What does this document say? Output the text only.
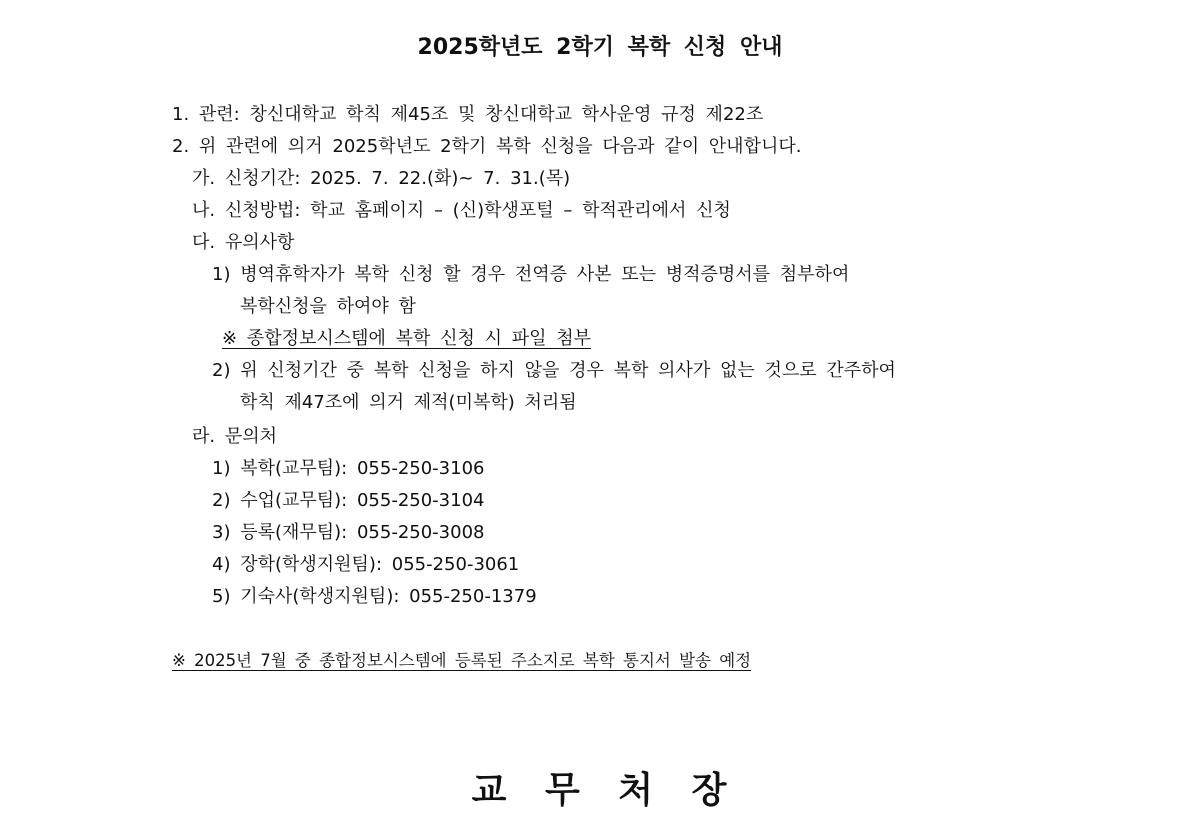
2025학년도 2학기 복학 신청 안내
1. 관련: 창신대학교 학칙 제45조 및 창신대학교 학사운영 규정 제22조
2. 위 관련에 의거 2025학년도 2학기 복학 신청을 다음과 같이 안내합니다.
가. 신청기간: 2025. 7. 22.(화)~ 7. 31.(목)
나. 신청방법: 학교 홈페이지 – (신)학생포털 – 학적관리에서 신청
다. 유의사항
1) 병역휴학자가 복학 신청 할 경우 전역증 사본 또는 병적증명서를 첨부하여
복학신청을 하여야 함
※ 종합정보시스템에 복학 신청 시 파일 첨부
2) 위 신청기간 중 복학 신청을 하지 않을 경우 복학 의사가 없는 것으로 간주하여
학칙 제47조에 의거 제적(미복학) 처리됨
라. 문의처
1) 복학(교무팀): 055-250-3106
2) 수업(교무팀): 055-250-3104
3) 등록(재무팀): 055-250-3008
4) 장학(학생지원팀): 055-250-3061
5) 기숙사(학생지원팀): 055-250-1379
※ 2025년 7월 중 종합정보시스템에 등록된 주소지로 복학 통지서 발송 예정
교 무 처 장
